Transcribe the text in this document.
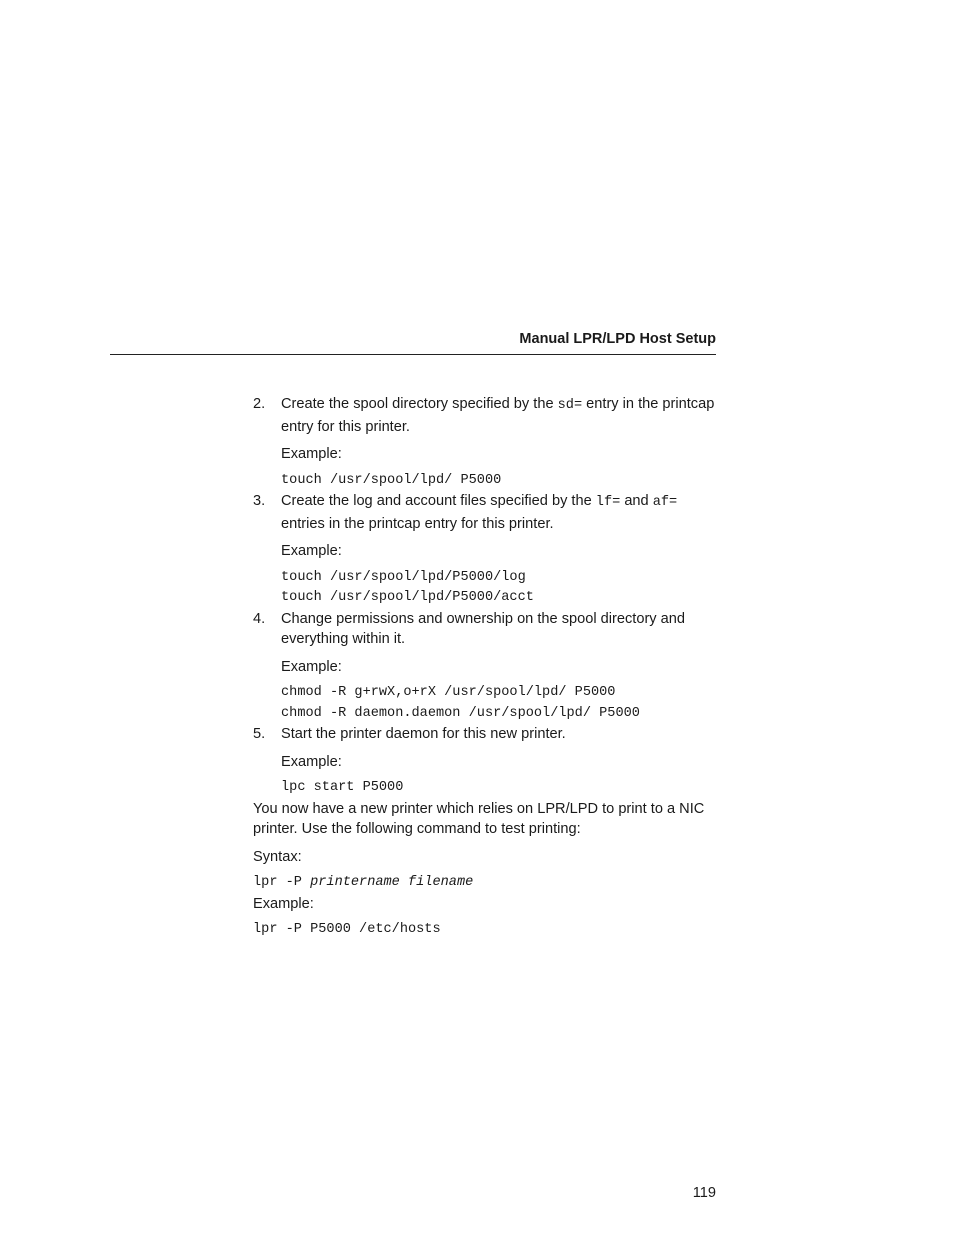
Manual LPR/LPD Host Setup
2. Create the spool directory specified by the sd= entry in the printcap entry for this printer.
Example:
touch /usr/spool/lpd/ P5000
3. Create the log and account files specified by the lf= and af= entries in the printcap entry for this printer.
Example:
touch /usr/spool/lpd/P5000/log
touch /usr/spool/lpd/P5000/acct
4. Change permissions and ownership on the spool directory and everything within it.
Example:
chmod -R g+rwX,o+rX /usr/spool/lpd/ P5000
chmod -R daemon.daemon /usr/spool/lpd/ P5000
5. Start the printer daemon for this new printer.
Example:
lpc start P5000
You now have a new printer which relies on LPR/LPD to print to a NIC printer. Use the following command to test printing:
Syntax:
lpr -P printername filename
Example:
lpr -P P5000 /etc/hosts
119
